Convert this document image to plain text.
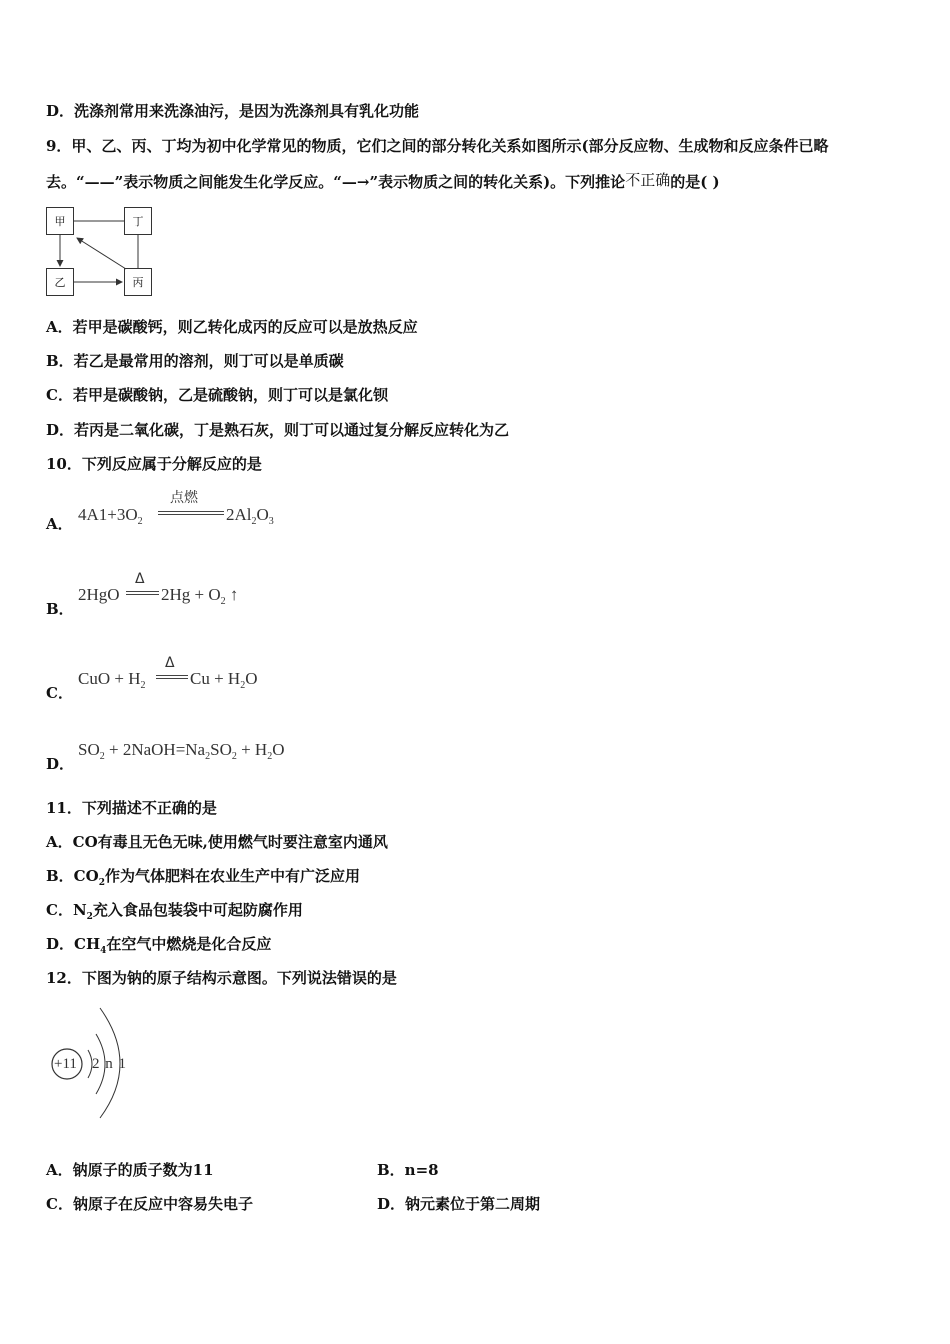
D．洗涤剂常用来洗涤油污，是因为洗涤剂具有乳化功能
9．甲、乙、丙、丁均为初中化学常见的物质，它们之间的部分转化关系如图所示(部分反应物、生成物和反应条件已略
去。“——”表示物质之间能发生化学反应。“—→”表示物质之间的转化关系)。下列推论不正确的是( )
甲	丁
乙	丙
A．若甲是碳酸钙，则乙转化成丙的反应可以是放热反应
B．若乙是最常用的溶剂，则丁可以是单质碳
C．若甲是碳酸钠，乙是硫酸钠，则丁可以是氯化钡
D．若丙是二氧化碳，丁是熟石灰，则丁可以通过复分解反应转化为乙
10．下列反应属于分解反应的是
A． $4A1+3O_2$
点燃
$2Al_2O_3$
B．
2HgO
Δ
$2Hg + O_2$ ↑
C．
CuO + $H_2$
Δ
$Cu + H_2O$
D．
$SO_2$ + $2NaOH=Na_2SO_2 + H_2O$
11．下列描述不正确的是
A．CO有毒且无色无味,使用燃气时要注意室内通风
B．$CO_2$作为气体肥料在农业生产中有广泛应用
C．$N_2$充入食品包装袋中可起防腐作用
D．$CH_4$在空气中燃烧是化合反应
12．下图为钠的原子结构示意图。下列说法错误的是
+11 2 n 1
A．钠原子的质子数为11	B．n=8
C．钠原子在反应中容易失电子	D．钠元素位于第二周期
